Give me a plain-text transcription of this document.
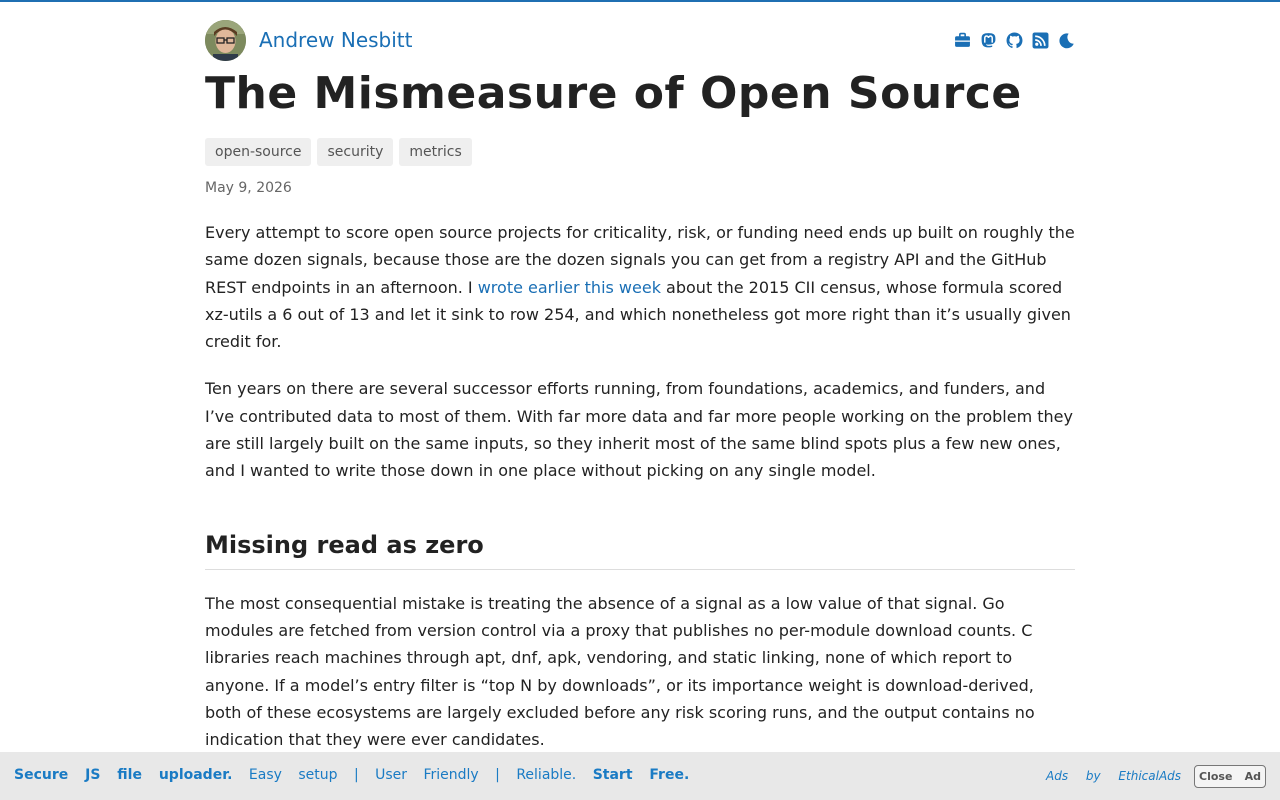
Andrew Nesbitt
The Mismeasure of Open Source
open-source	security	metrics
May 9, 2026

Every attempt to score open source projects for criticality, risk, or funding need ends up built on roughly the same dozen signals, because those are the dozen signals you can get from a registry API and the GitHub REST endpoints in an afternoon. I wrote earlier this week about the 2015 CII census, whose formula scored xz-utils a 6 out of 13 and let it sink to row 254, and which nonetheless got more right than it’s usually given credit for.

Ten years on there are several successor efforts running, from foundations, academics, and funders, and I’ve contributed data to most of them. With far more data and far more people working on the problem they are still largely built on the same inputs, so they inherit most of the same blind spots plus a few new ones, and I wanted to write those down in one place without picking on any single model.

Missing read as zero

The most consequential mistake is treating the absence of a signal as a low value of that signal. Go modules are fetched from version control via a proxy that publishes no per-module download counts. C libraries reach machines through apt, dnf, apk, vendoring, and static linking, none of which report to anyone. If a model’s entry filter is “top N by downloads”, or its importance weight is download-derived, both of these ecosystems are largely excluded before any risk scoring runs, and the output contains no indication that they were ever candidates.

Secure JS file uploader. Easy setup | User Friendly | Reliable. Start Free.	Ads by EthicalAds Close Ad
